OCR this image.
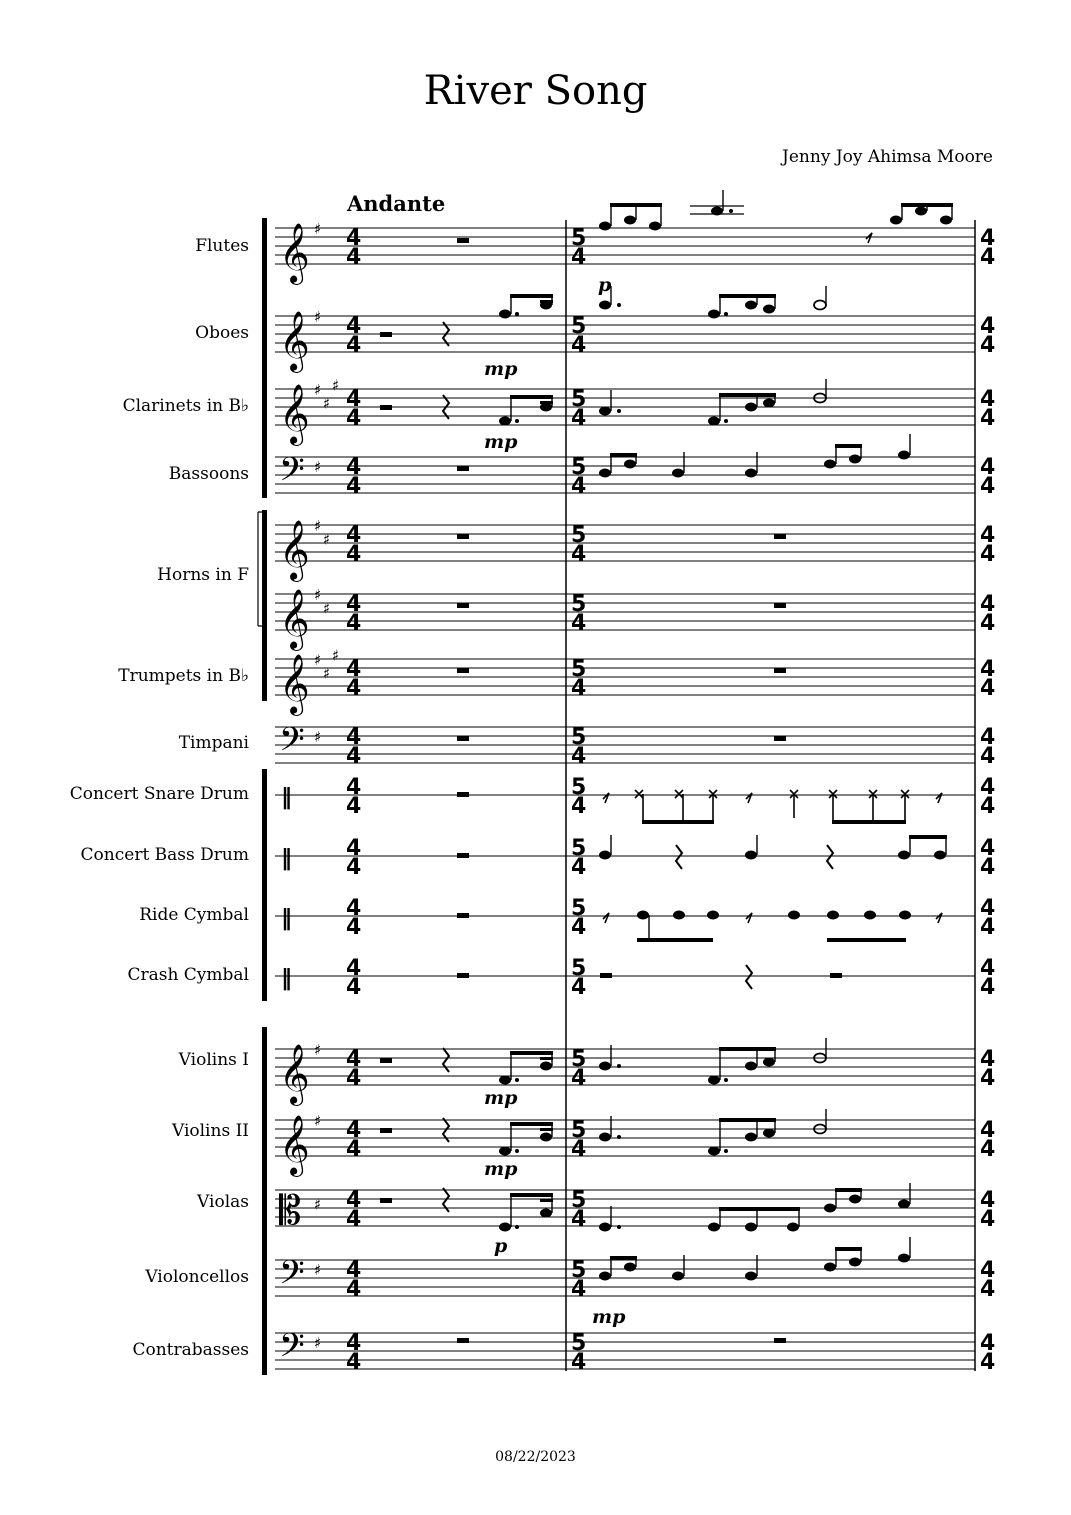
River Song
Jenny Joy Ahimsa Moore
Andante
Flutes
Oboes
Clarinets in B♭
Bassoons
Horns in F
Trumpets in B♭
Timpani
Concert Snare Drum
Concert Bass Drum
Ride Cymbal
Crash Cymbal
Violins I
Violins II
Violas
Violoncellos
Contrabasses
𝄞 ♯
𝄞 ♯
𝄞 ♯
♯
♯
𝄢 ♯
𝄞 ♯
♯
𝄞 ♯
♯
𝄞 ♯
♯
♯
𝄢 ♯
‖
‖
‖
‖
𝄞 ♯
𝄞 ♯
𝄡 ♯
𝄢 ♯
𝄢 ♯
4
4
5
4
4
4
4
4
5
4
4
4
4
4
5
4
4
4
4
4
5
4
4
4
4
4
5
4
4
4
4
4
5
4
4
4
4
4
5
4
4
4
4
4
5
4
4
4
4
4
5
4
4
4
4
4
5
4
4
4
4
4
5
4
4
4
4
4
5
4
4
4
4
4
5
4
4
4
4
4
5
4
4
4
4
4
5
4
4
4
4
4
5
4
4
4
4
4
5
4
4
4
p
mp
mp
mp
mp
p
mp
08/22/2023
